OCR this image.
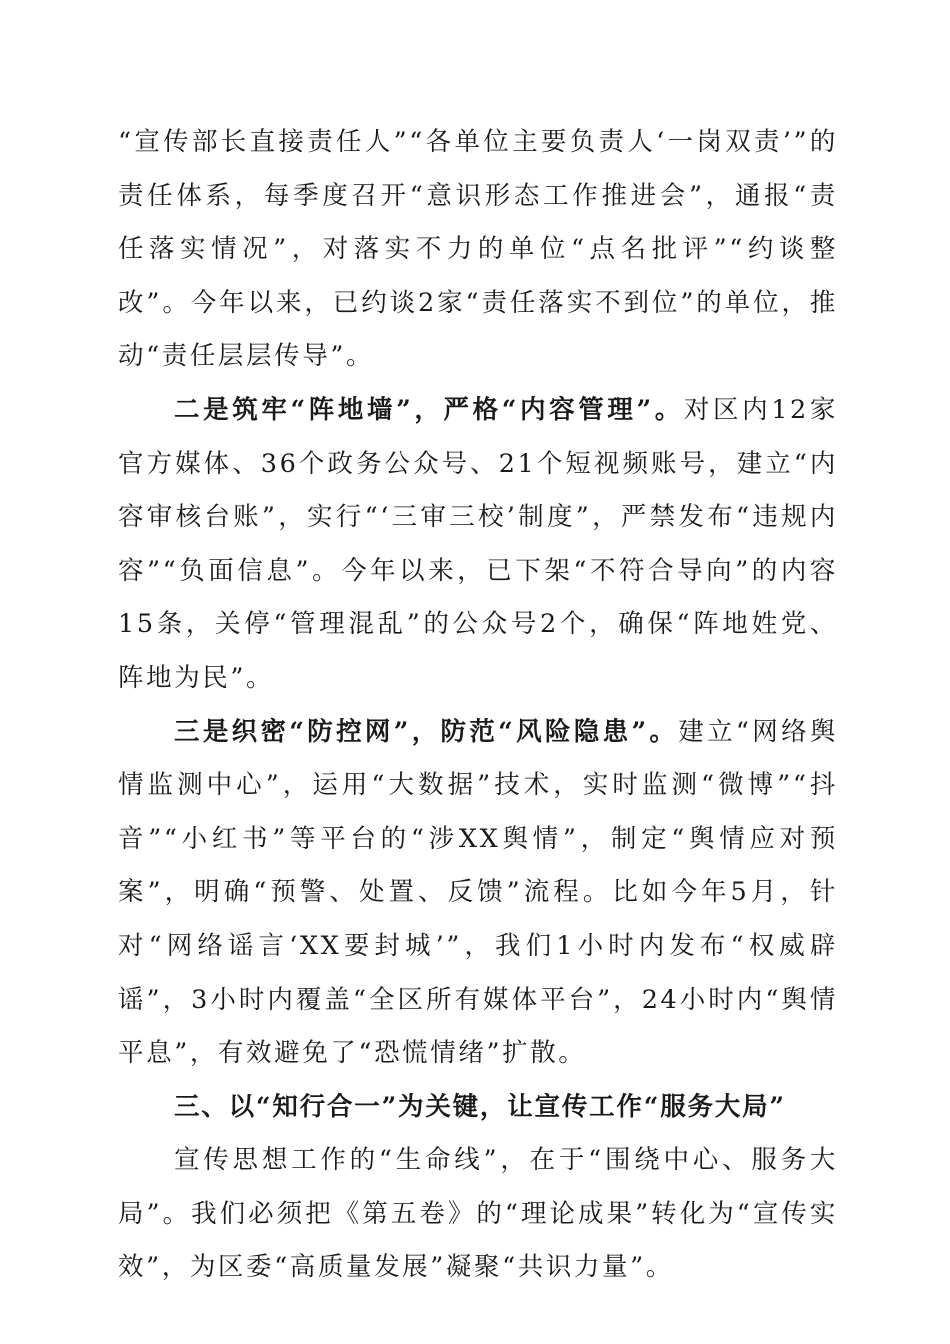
“宣传部长直接责任人”“各单位主要负责人‘一岗双责’”的责任体系，每季度召开“意识形态工作推进会”，通报“责任落实情况”，对落实不力的单位“点名批评”“约谈整改”。今年以来，已约谈2家“责任落实不到位”的单位，推动“责任层层传导”。

二是筑牢“阵地墙”，严格“内容管理”。对区内12家官方媒体、36个政务公众号、21个短视频账号，建立“内容审核台账”，实行“‘三审三校’制度”，严禁发布“违规内容”“负面信息”。今年以来，已下架“不符合导向”的内容15条，关停“管理混乱”的公众号2个，确保“阵地姓党、阵地为民”。

三是织密“防控网”，防范“风险隐患”。建立“网络舆情监测中心”，运用“大数据”技术，实时监测“微博”“抖音”“小红书”等平台的“涉XX舆情”，制定“舆情应对预案”，明确“预警、处置、反馈”流程。比如今年5月，针对“网络谣言‘XX要封城’”，我们1小时内发布“权威辟谣”，3小时内覆盖“全区所有媒体平台”，24小时内“舆情平息”，有效避免了“恐慌情绪”扩散。

三、以“知行合一”为关键，让宣传工作“服务大局”

宣传思想工作的“生命线”，在于“围绕中心、服务大局”。我们必须把《第五卷》的“理论成果”转化为“宣传实效”，为区委“高质量发展”凝聚“共识力量”。
